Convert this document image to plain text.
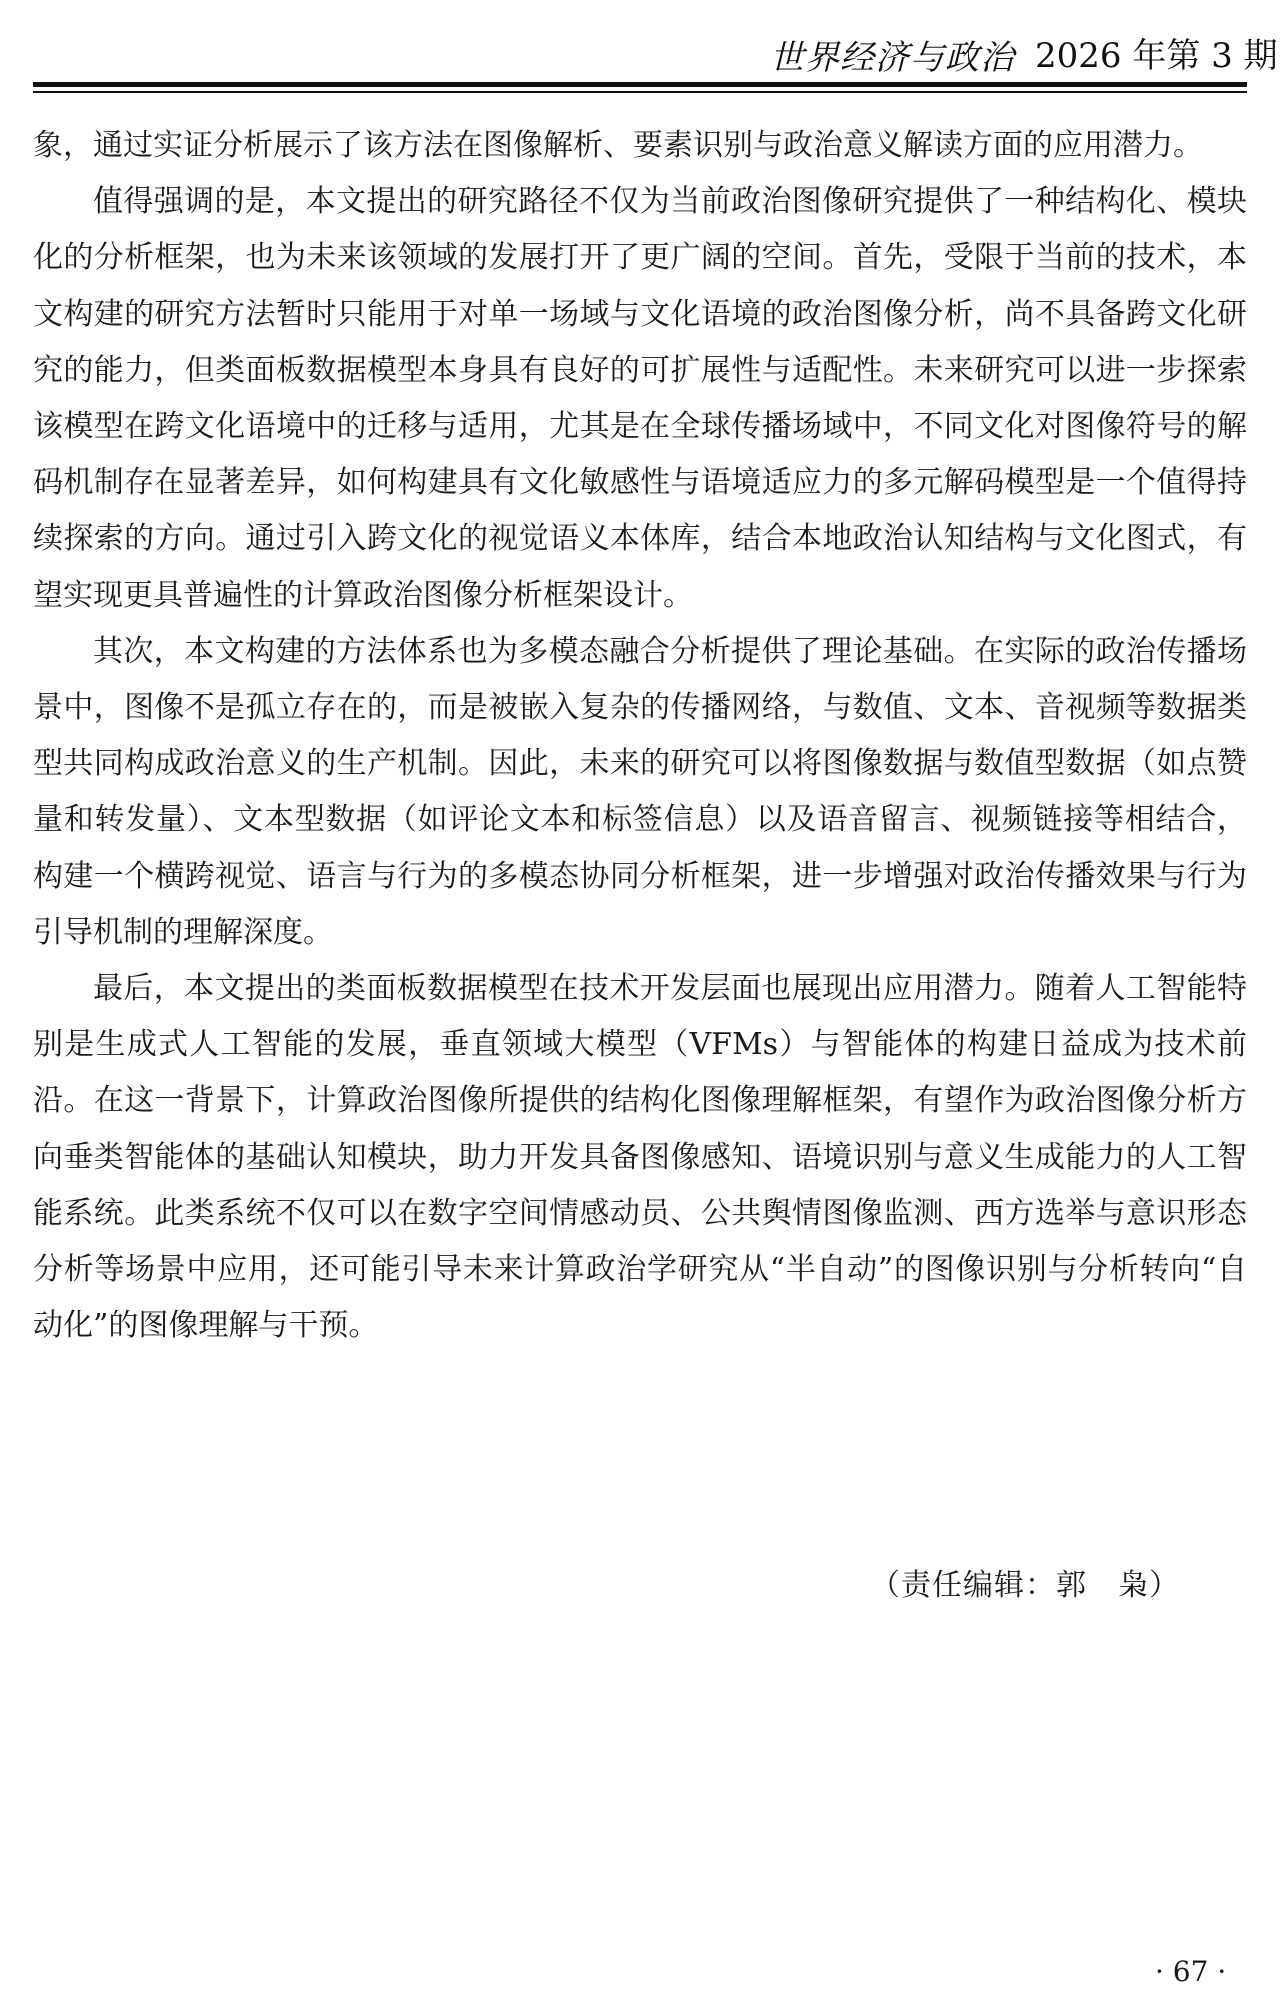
世界经济与政治 2026 年第 3 期

象，通过实证分析展示了该方法在图像解析、要素识别与政治意义解读方面的应用潜力。

值得强调的是，本文提出的研究路径不仅为当前政治图像研究提供了一种结构化、模块化的分析框架，也为未来该领域的发展打开了更广阔的空间。首先，受限于当前的技术，本文构建的研究方法暂时只能用于对单一场域与文化语境的政治图像分析，尚不具备跨文化研究的能力，但类面板数据模型本身具有良好的可扩展性与适配性。未来研究可以进一步探索该模型在跨文化语境中的迁移与适用，尤其是在全球传播场域中，不同文化对图像符号的解码机制存在显著差异，如何构建具有文化敏感性与语境适应力的多元解码模型是一个值得持续探索的方向。通过引入跨文化的视觉语义本体库，结合本地政治认知结构与文化图式，有望实现更具普遍性的计算政治图像分析框架设计。

其次，本文构建的方法体系也为多模态融合分析提供了理论基础。在实际的政治传播场景中，图像不是孤立存在的，而是被嵌入复杂的传播网络，与数值、文本、音视频等数据类型共同构成政治意义的生产机制。因此，未来的研究可以将图像数据与数值型数据（如点赞量和转发量）、文本型数据（如评论文本和标签信息）以及语音留言、视频链接等相结合，构建一个横跨视觉、语言与行为的多模态协同分析框架，进一步增强对政治传播效果与行为引导机制的理解深度。

最后，本文提出的类面板数据模型在技术开发层面也展现出应用潜力。随着人工智能特别是生成式人工智能的发展，垂直领域大模型（VFMs）与智能体的构建日益成为技术前沿。在这一背景下，计算政治图像所提供的结构化图像理解框架，有望作为政治图像分析方向垂类智能体的基础认知模块，助力开发具备图像感知、语境识别与意义生成能力的人工智能系统。此类系统不仅可以在数字空间情感动员、公共舆情图像监测、西方选举与意识形态分析等场景中应用，还可能引导未来计算政治学研究从“半自动”的图像识别与分析转向“自动化”的图像理解与干预。

（责任编辑：郭　枭）
· 67 ·
